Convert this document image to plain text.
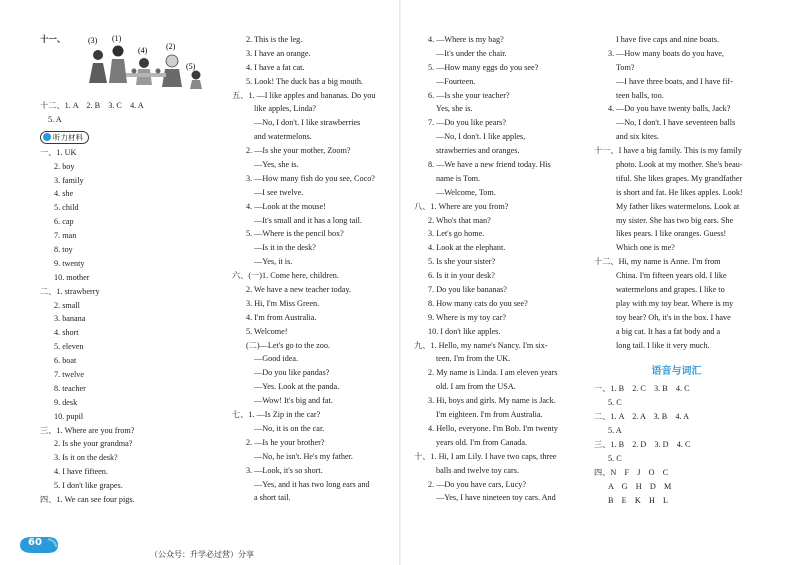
$^{十一、}$	(3) (1)
(2)
(4)
(5)
十二、1. A　2. B　3. C　4. A
5. A
听力材料
一、1. UK
2. boy
3. family
4. she
5. child
6. cap
7. man
8. toy
9. twenty
10. mother
二、1. strawberry
2. small
3. banana
4. short
5. eleven
6. boat
7. twelve
8. teacher
9. desk
10. pupil
三、1. Where are you from?
2. Is she your grandma?
3. Is it on the desk?
4. I have fifteen.
5. I don't like grapes.
四、1. We can see four pigs.
2. This is the leg.
3. I have an orange.
4. I have a fat cat.
5. Look! The duck has a big mouth.
五、1. —I like apples and bananas. Do you
like apples, Linda?
—No, I don't. I like strawberries
and watermelons.
2. —Is she your mother, Zoom?
—Yes, she is.
3. —How many fish do you see, Coco?
—I see twelve.
4. —Look at the mouse!
—It's small and it has a long tail.
5. —Where is the pencil box?
—Is it in the desk?
—Yes, it is.
六、(一)1. Come here, children.
2. We have a new teacher today.
3. Hi, I'm Miss Green.
4. I'm from Australia.
5. Welcome!
(二)—Let's go to the zoo.
—Good idea.
—Do you like pandas?
—Yes. Look at the panda.
—Wow! It's big and fat.
七、1. —Is Zip in the car?
—No, it is on the car.
2. —Is he your brother?
—No, he isn't. He's my father.
3. —Look, it's so short.
—Yes, and it has two long ears and
a short tail.
4. —Where is my bag?
—It's under the chair.
5. —How many eggs do you see?
—Fourteen.
6. —Is she your teacher?
Yes, she is.
7. —Do you like pears?
—No, I don't. I like apples,
strawberries and oranges.
8. —We have a new friend today. His
name is Tom.
—Welcome, Tom.
八、1. Where are you from?
2. Who's that man?
3. Let's go home.
4. Look at the elephant.
5. Is she your sister?
6. Is it in your desk?
7. Do you like bananas?
8. How many cats do you see?
9. Where is my toy car?
10. I don't like apples.
九、1. Hello, my name's Nancy. I'm six-
teen. I'm from the UK.
2. My name is Linda. I am eleven years
old. I am from the USA.
3. Hi, boys and girls. My name is Jack.
I'm eighteen. I'm from Australia.
4. Hello, everyone. I'm Bob. I'm twenty
years old. I'm from Canada.
十、1. Hi, I am Lily. I have two caps, three
balls and twelve toy cars.
2. —Do you have cars, Lucy?
—Yes, I have nineteen toy cars. And
I have five caps and nine boats.
3. —How many boats do you have,
Tom?
—I have three boats, and I have fif-
teen balls, too.
4. —Do you have twenty balls, Jack?
—No, I don't. I have seventeen balls
and six kites.
十一、I have a big family. This is my family
photo. Look at my mother. She's beau-
tiful. She likes grapes. My grandfather
is short and fat. He likes apples. Look!
My father likes watermelons. Look at
my sister. She has two big ears. She
likes pears. I like oranges. Guess!
Which one is me?
十二、Hi, my name is Anne. I'm from
China. I'm fifteen years old. I like
watermelons and grapes. I like to
play with my toy bear. Where is my
toy bear? Oh, it's in the box. I have
a big cat. It has a fat body and a
long tail. I like it very much.
语音与词汇
一、1. B　2. C　3. B　4. C
5. C
二、1. A　2. A　3. B　4. A
5. A
三、1. B　2. D　3. D　4. C
5. C
四、N　F　J　O　C
A　G　H　D　M
B　E　K　H　L
60
（公众号：升学必过营）分享
